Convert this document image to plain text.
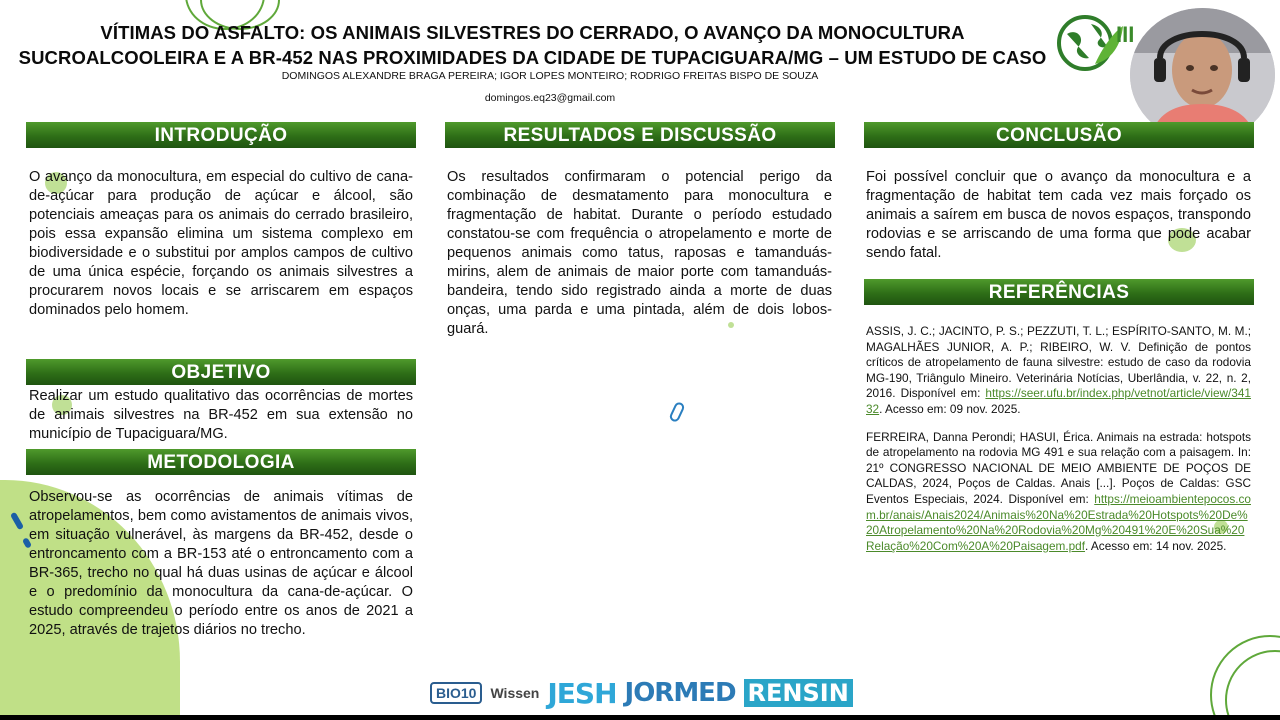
VÍTIMAS DO ASFALTO: OS ANIMAIS SILVESTRES DO CERRADO, O AVANÇO DA MONOCULTURA
SUCROALCOOLEIRA E A BR-452 NAS PROXIMIDADES DA CIDADE DE TUPACIGUARA/MG – UM ESTUDO DE CASO
DOMINGOS ALEXANDRE BRAGA PEREIRA; IGOR LOPES MONTEIRO; RODRIGO FREITAS BISPO DE SOUZA
domingos.eq23@gmail.com
III
INTRODUÇÃO
O avanço da monocultura, em especial do cultivo de cana-de-açúcar para produção de açúcar e álcool, são potenciais ameaças para os animais do cerrado brasileiro, pois essa expansão elimina um sistema complexo em biodiversidade e o substitui por amplos campos de cultivo de uma única espécie, forçando os animais silvestres a procurarem novos locais e se arriscarem em espaços dominados pelo homem.
OBJETIVO
Realizar um estudo qualitativo das ocorrências de mortes de animais silvestres na BR-452 em sua extensão no município de Tupaciguara/MG.
METODOLOGIA
Observou-se as ocorrências de animais vítimas de atropelamentos, bem como avistamentos de animais vivos, em situação vulnerável, às margens da BR-452, desde o entroncamento com a BR-153 até o entroncamento com a BR-365, trecho no qual há duas usinas de açúcar e álcool e o predomínio da monocultura da cana-de-açúcar. O estudo compreendeu o período entre os anos de 2021 a 2025, através de trajetos diários no trecho.
RESULTADOS E DISCUSSÃO
Os resultados confirmaram o potencial perigo da combinação de desmatamento para monocultura e fragmentação de habitat. Durante o período estudado constatou-se com frequência o atropelamento e morte de pequenos animais como tatus, raposas e tamanduás-mirins, alem de animais de maior porte com tamanduás-bandeira, tendo sido registrado ainda a morte de duas onças, uma parda e uma pintada, além de dois lobos-guará.
CONCLUSÃO
Foi possível concluir que o avanço da monocultura e a fragmentação de habitat tem cada vez mais forçado os animais a saírem em busca de novos espaços, transpondo rodovias e se arriscando de uma forma que pode acabar sendo fatal.
REFERÊNCIAS
ASSIS, J. C.; JACINTO, P. S.; PEZZUTI, T. L.; ESPÍRITO-SANTO, M. M.; MAGALHÃES JUNIOR, A. P.; RIBEIRO, W. V. Definição de pontos críticos de atropelamento de fauna silvestre: estudo de caso da rodovia MG-190, Triângulo Mineiro. Veterinária Notícias, Uberlândia, v. 22, n. 2, 2016. Disponível em: https://seer.ufu.br/index.php/vetnot/article/view/34132. Acesso em: 09 nov. 2025.
FERREIRA, Danna Perondi; HASUI, Érica. Animais na estrada: hotspots de atropelamento na rodovia MG 491 e sua relação com a paisagem. In: 21º CONGRESSO NACIONAL DE MEIO AMBIENTE DE POÇOS DE CALDAS, 2024, Poços de Caldas. Anais [...]. Poços de Caldas: GSC Eventos Especiais, 2024. Disponível em: https://meioambientepocos.com.br/anais/Anais2024/Animais%20Na%20Estrada%20Hotspots%20De%20Atropelamento%20Na%20Rodovia%20Mg%20491%20E%20Sua%20Relação%20Com%20A%20Paisagem.pdf. Acesso em: 14 nov. 2025.
BIO10	Wissen JESH JORMED RENSIN
